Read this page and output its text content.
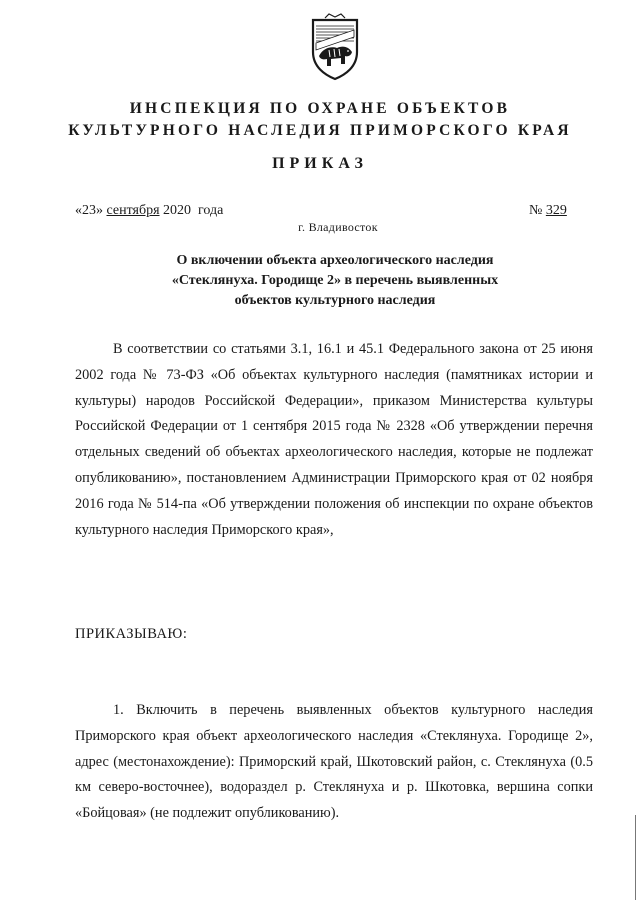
ИНСПЕКЦИЯ ПО ОХРАНЕ ОБЪЕКТОВ
КУЛЬТУРНОГО НАСЛЕДИЯ ПРИМОРСКОГО КРАЯ
ПРИКАЗ
«23» сентября 2020 года	№ 329
г. Владивосток
О включении объекта археологического наследия
«Стеклянуха. Городище 2» в перечень выявленных
объектов культурного наследия

В соответствии со статьями 3.1, 16.1 и 45.1 Федерального закона от 25 июня 2002 года № 73-ФЗ «Об объектах культурного наследия (памятниках истории и культуры) народов Российской Федерации», приказом Министерства культуры Российской Федерации от 1 сентября 2015 года № 2328 «Об утверждении перечня отдельных сведений об объектах археологического наследия, которые не подлежат опубликованию», постановлением Администрации Приморского края от 02 ноября 2016 года № 514-па «Об утверждении положения об инспекции по охране объектов культурного наследия Приморского края»,

ПРИКАЗЫВАЮ:

1. Включить в перечень выявленных объектов культурного наследия Приморского края объект археологического наследия «Стеклянуха. Городище 2», адрес (местонахождение): Приморский край, Шкотовский район, с. Стеклянуха (0.5 км северо-восточнее), водораздел р. Стеклянуха и р. Шкотовка, вершина сопки «Бойцовая» (не подлежит опубликованию).
